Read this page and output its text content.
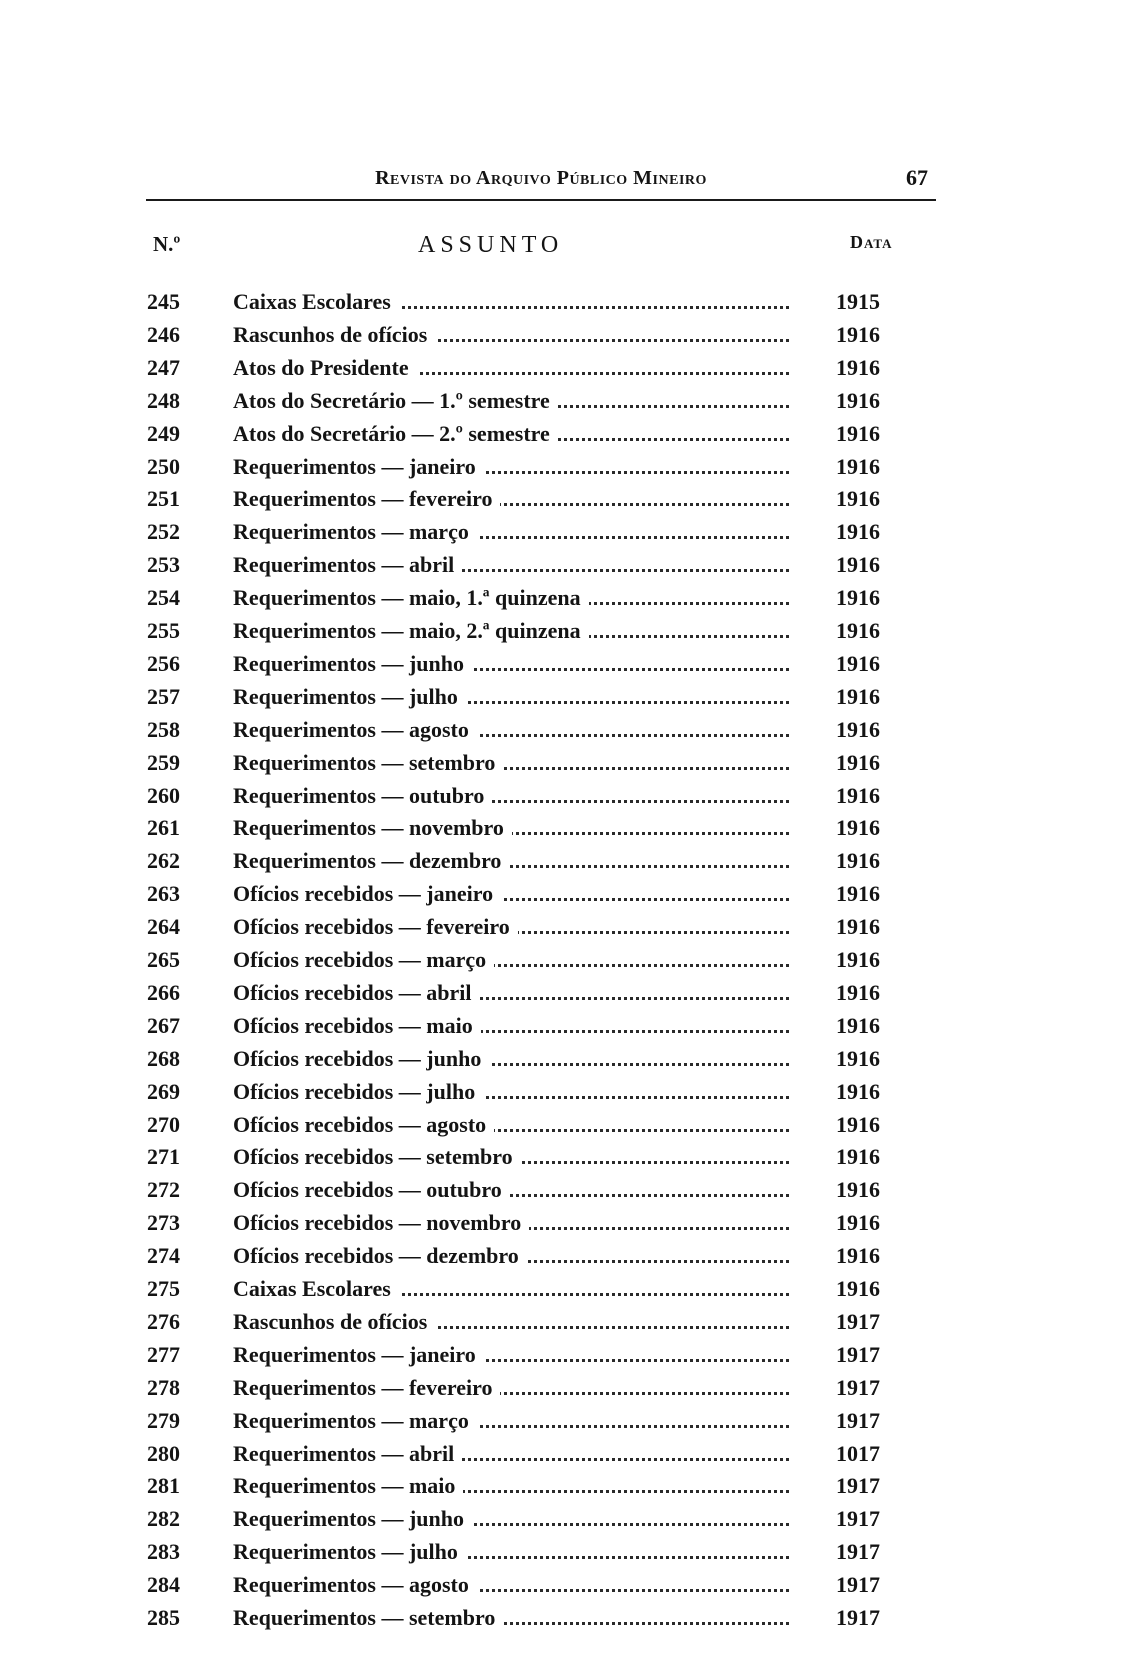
Revista do Arquivo Público Mineiro	67
N.º	ASSUNTO	Data
245	Caixas Escolares	1915
246	Rascunhos de ofícios	1916
247	Atos do Presidente	1916
248	Atos do Secretário — 1.º semestre	1916
249	Atos do Secretário — 2.º semestre	1916
250	Requerimentos — janeiro	1916
251	Requerimentos — fevereiro	1916
252	Requerimentos — março	1916
253	Requerimentos — abril	1916
254	Requerimentos — maio, 1.ª quinzena	1916
255	Requerimentos — maio, 2.ª quinzena	1916
256	Requerimentos — junho	1916
257	Requerimentos — julho	1916
258	Requerimentos — agosto	1916
259	Requerimentos — setembro	1916
260	Requerimentos — outubro	1916
261	Requerimentos — novembro	1916
262	Requerimentos — dezembro	1916
263	Ofícios recebidos — janeiro	1916
264	Ofícios recebidos — fevereiro	1916
265	Ofícios recebidos — março	1916
266	Ofícios recebidos — abril	1916
267	Ofícios recebidos — maio	1916
268	Ofícios recebidos — junho	1916
269	Ofícios recebidos — julho	1916
270	Ofícios recebidos — agosto	1916
271	Ofícios recebidos — setembro	1916
272	Ofícios recebidos — outubro	1916
273	Ofícios recebidos — novembro	1916
274	Ofícios recebidos — dezembro	1916
275	Caixas Escolares	1916
276	Rascunhos de ofícios	1917
277	Requerimentos — janeiro	1917
278	Requerimentos — fevereiro	1917
279	Requerimentos — março	1917
280	Requerimentos — abril	1017
281	Requerimentos — maio	1917
282	Requerimentos — junho	1917
283	Requerimentos — julho	1917
284	Requerimentos — agosto	1917
285	Requerimentos — setembro	1917
